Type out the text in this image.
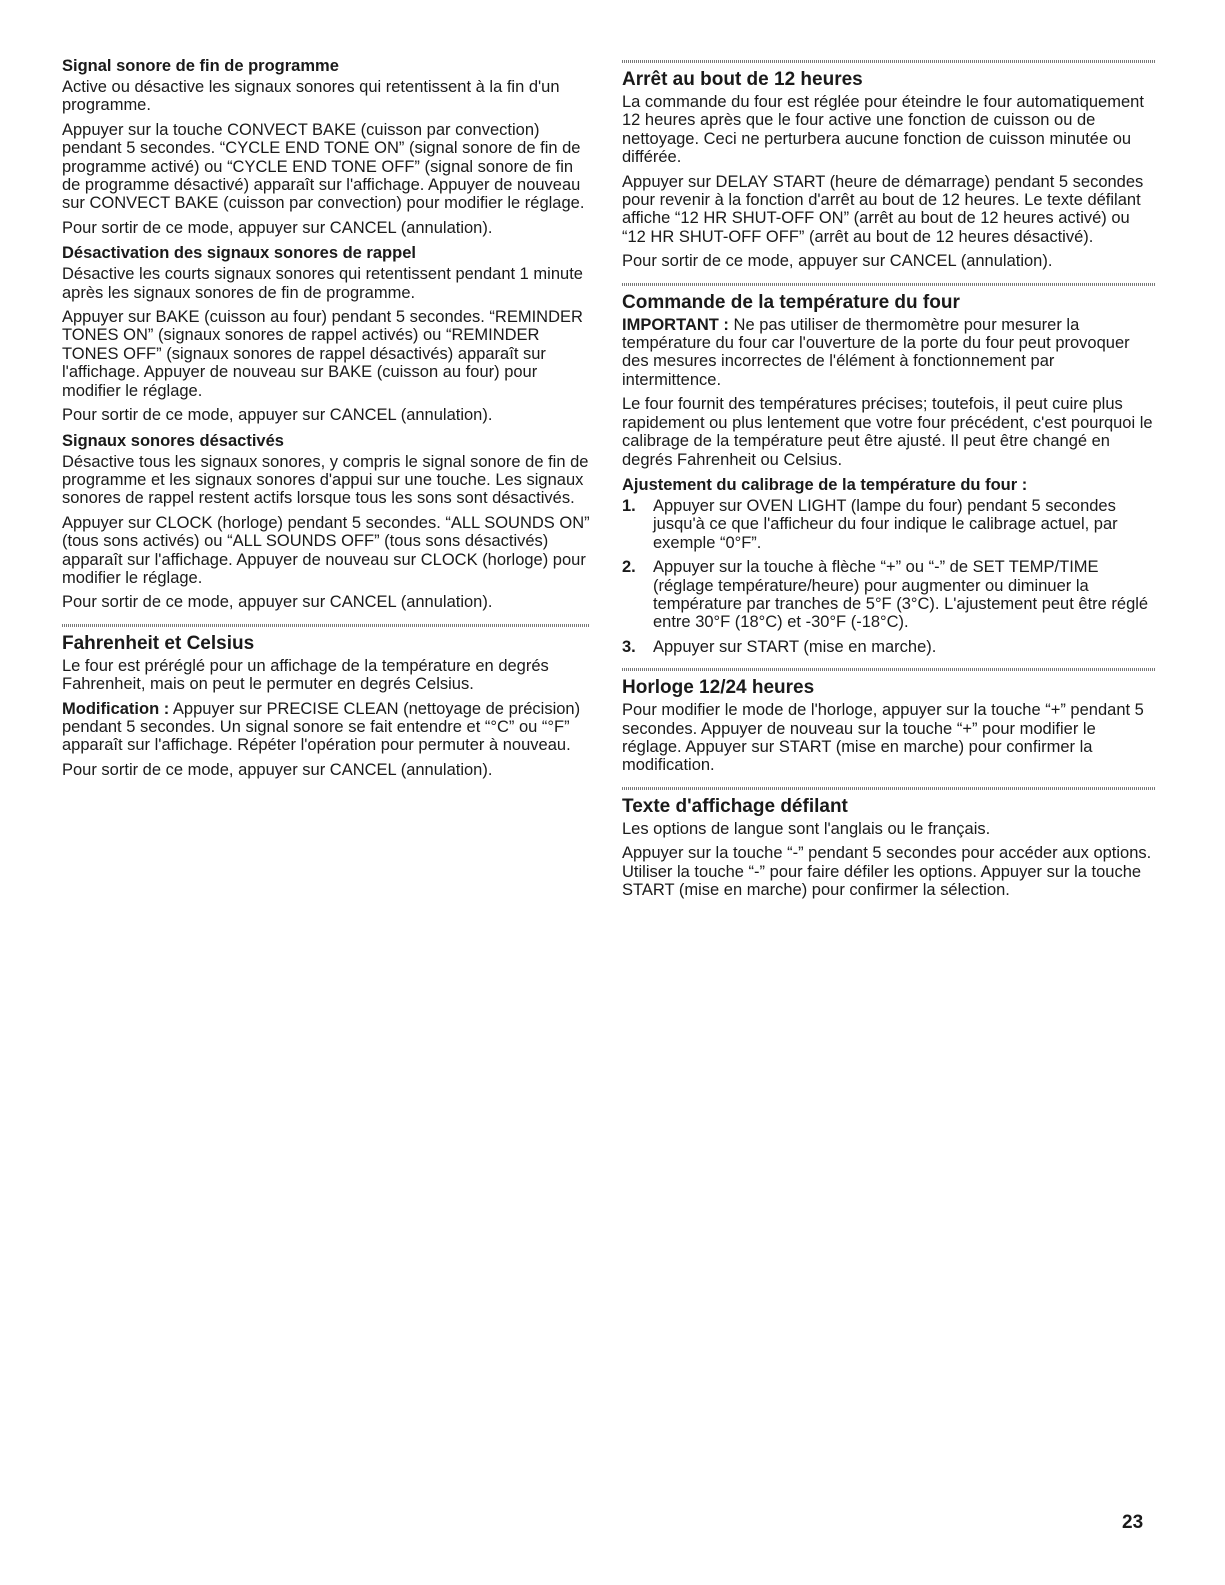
Signal sonore de fin de programme

Active ou désactive les signaux sonores qui retentissent à la fin d'un programme.

Appuyer sur la touche CONVECT BAKE (cuisson par convection) pendant 5 secondes. “CYCLE END TONE ON” (signal sonore de fin de programme activé) ou “CYCLE END TONE OFF” (signal sonore de fin de programme désactivé) apparaît sur l'affichage. Appuyer de nouveau sur CONVECT BAKE (cuisson par convection) pour modifier le réglage.

Pour sortir de ce mode, appuyer sur CANCEL (annulation).

Désactivation des signaux sonores de rappel

Désactive les courts signaux sonores qui retentissent pendant 1 minute après les signaux sonores de fin de programme.

Appuyer sur BAKE (cuisson au four) pendant 5 secondes. “REMINDER TONES ON” (signaux sonores de rappel activés) ou “REMINDER TONES OFF” (signaux sonores de rappel désactivés) apparaît sur l'affichage. Appuyer de nouveau sur BAKE (cuisson au four) pour modifier le réglage.

Pour sortir de ce mode, appuyer sur CANCEL (annulation).

Signaux sonores désactivés

Désactive tous les signaux sonores, y compris le signal sonore de fin de programme et les signaux sonores d'appui sur une touche. Les signaux sonores de rappel restent actifs lorsque tous les sons sont désactivés.

Appuyer sur CLOCK (horloge) pendant 5 secondes. “ALL SOUNDS ON” (tous sons activés) ou “ALL SOUNDS OFF” (tous sons désactivés) apparaît sur l'affichage. Appuyer de nouveau sur CLOCK (horloge) pour modifier le réglage.

Pour sortir de ce mode, appuyer sur CANCEL (annulation).

Fahrenheit et Celsius

Le four est préréglé pour un affichage de la température en degrés Fahrenheit, mais on peut le permuter en degrés Celsius.

Modification : Appuyer sur PRECISE CLEAN (nettoyage de précision) pendant 5 secondes. Un signal sonore se fait entendre et “°C” ou “°F” apparaît sur l'affichage. Répéter l'opération pour permuter à nouveau.

Pour sortir de ce mode, appuyer sur CANCEL (annulation).

Arrêt au bout de 12 heures

La commande du four est réglée pour éteindre le four automatiquement 12 heures après que le four active une fonction de cuisson ou de nettoyage. Ceci ne perturbera aucune fonction de cuisson minutée ou différée.

Appuyer sur DELAY START (heure de démarrage) pendant 5 secondes pour revenir à la fonction d'arrêt au bout de 12 heures. Le texte défilant affiche “12 HR SHUT-OFF ON” (arrêt au bout de 12 heures activé) ou “12 HR SHUT-OFF OFF” (arrêt au bout de 12 heures désactivé).

Pour sortir de ce mode, appuyer sur CANCEL (annulation).

Commande de la température du four

IMPORTANT : Ne pas utiliser de thermomètre pour mesurer la température du four car l'ouverture de la porte du four peut provoquer des mesures incorrectes de l'élément à fonctionnement par intermittence.

Le four fournit des températures précises; toutefois, il peut cuire plus rapidement ou plus lentement que votre four précédent, c'est pourquoi le calibrage de la température peut être ajusté. Il peut être changé en degrés Fahrenheit ou Celsius.

Ajustement du calibrage de la température du four :
1. Appuyer sur OVEN LIGHT (lampe du four) pendant 5 secondes jusqu'à ce que l'afficheur du four indique le calibrage actuel, par exemple “0°F”.
2. Appuyer sur la touche à flèche “+” ou “-” de SET TEMP/TIME (réglage température/heure) pour augmenter ou diminuer la température par tranches de 5°F (3°C). L'ajustement peut être réglé entre 30°F (18°C) et -30°F (-18°C).
3. Appuyer sur START (mise en marche).
Horloge 12/24 heures

Pour modifier le mode de l'horloge, appuyer sur la touche “+” pendant 5 secondes. Appuyer de nouveau sur la touche “+” pour modifier le réglage. Appuyer sur START (mise en marche) pour confirmer la modification.

Texte d'affichage défilant

Les options de langue sont l'anglais ou le français.

Appuyer sur la touche “-” pendant 5 secondes pour accéder aux options. Utiliser la touche “-” pour faire défiler les options. Appuyer sur la touche START (mise en marche) pour confirmer la sélection.

23
